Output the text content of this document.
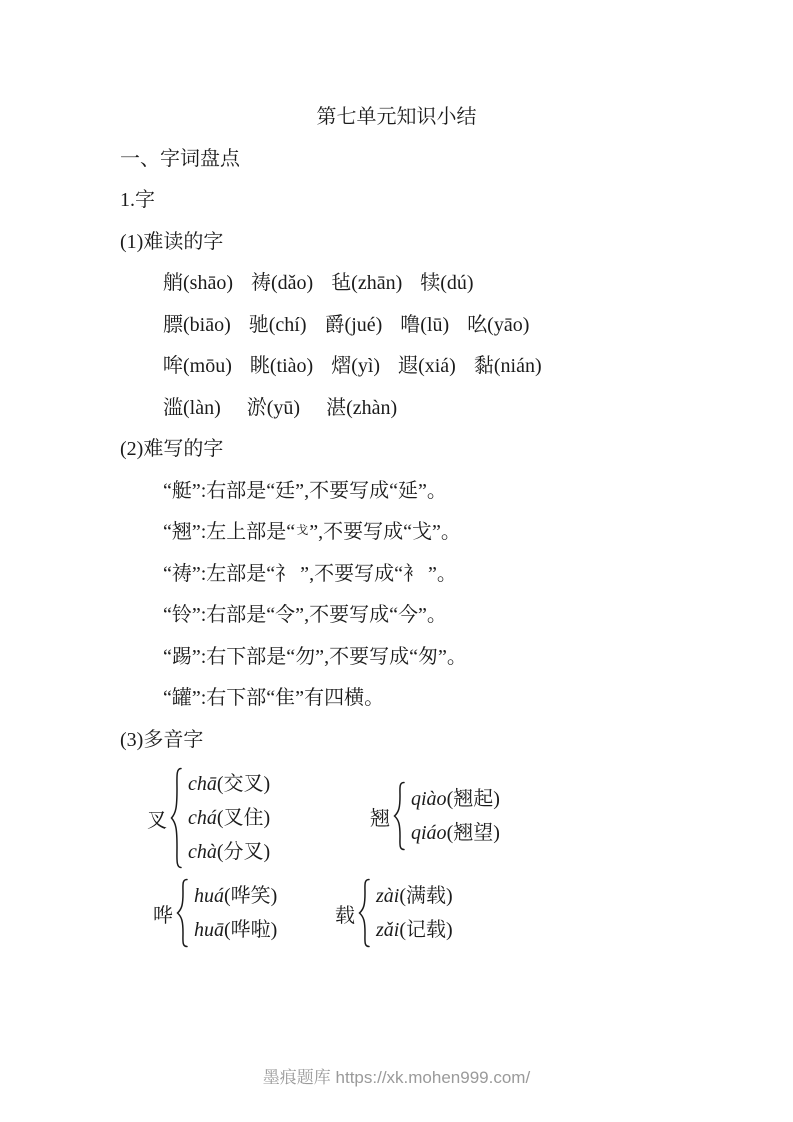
第七单元知识小结
一、字词盘点
1.字
(1)难读的字
艄(shāo) 祷(dǎo) 毡(zhān) 犊(dú)
膘(biāo) 驰(chí) 爵(jué) 噜(lū) 吆(yāo)
哞(mōu) 眺(tiào) 熠(yì) 遐(xiá) 黏(nián)
滥(làn) 淤(yū) 湛(zhàn)
(2)难写的字
“艇”:右部是“廷”,不要写成“延”。
“翘”:左上部是“ 戈 ”,不要写成“戈”。
“祷”:左部是“礻 ”,不要写成“衤 ”。
“铃”:右部是“令”,不要写成“今”。
“踢”:右下部是“勿”,不要写成“匆”。
“罐”:右下部“隹”有四横。
(3)多音字
叉
chā(交叉)
chá(叉住)
chà(分叉)
翘
qiào(翘起)
qiáo(翘望)
哗
huá(哗笑)
huā(哗啦)
载
zài(满载)
zǎi(记载)
墨痕题库 https://xk.mohen999.com/
